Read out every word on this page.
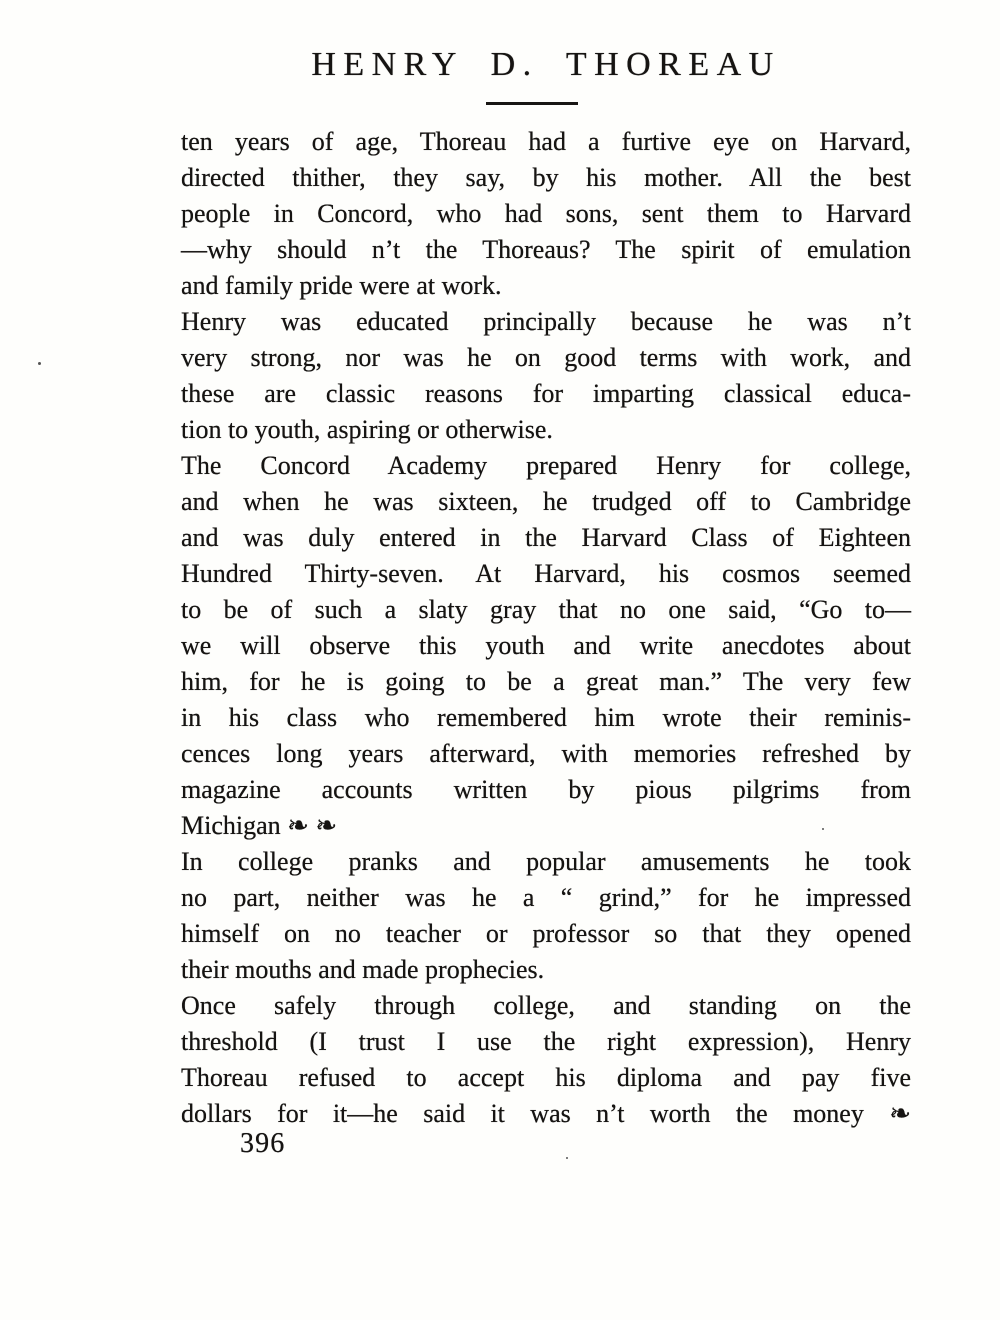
HENRY D. THOREAU
ten years of age, Thoreau had a furtive eye on Harvard,
directed thither, they say, by his mother. All the best
people in Concord, who had sons, sent them to Harvard
—why should n’t the Thoreaus? The spirit of emulation
and family pride were at work.
Henry was educated principally because he was n’t
very strong, nor was he on good terms with work, and
these are classic reasons for imparting classical educa-
tion to youth, aspiring or otherwise.
The Concord Academy prepared Henry for college,
and when he was sixteen, he trudged off to Cambridge
and was duly entered in the Harvard Class of Eighteen
Hundred Thirty-seven. At Harvard, his cosmos seemed
to be of such a slaty gray that no one said, “Go to—
we will observe this youth and write anecdotes about
him, for he is going to be a great man.” The very few
in his class who remembered him wrote their reminis-
cences long years afterward, with memories refreshed by
magazine accounts written by pious pilgrims from
Michigan ❧ ❧
In college pranks and popular amusements he took
no part, neither was he a “ grind,” for he impressed
himself on no teacher or professor so that they opened
their mouths and made prophecies.
Once safely through college, and standing on the
threshold (I trust I use the right expression), Henry
Thoreau refused to accept his diploma and pay five
dollars for it—he said it was n’t worth the money ❧
396
